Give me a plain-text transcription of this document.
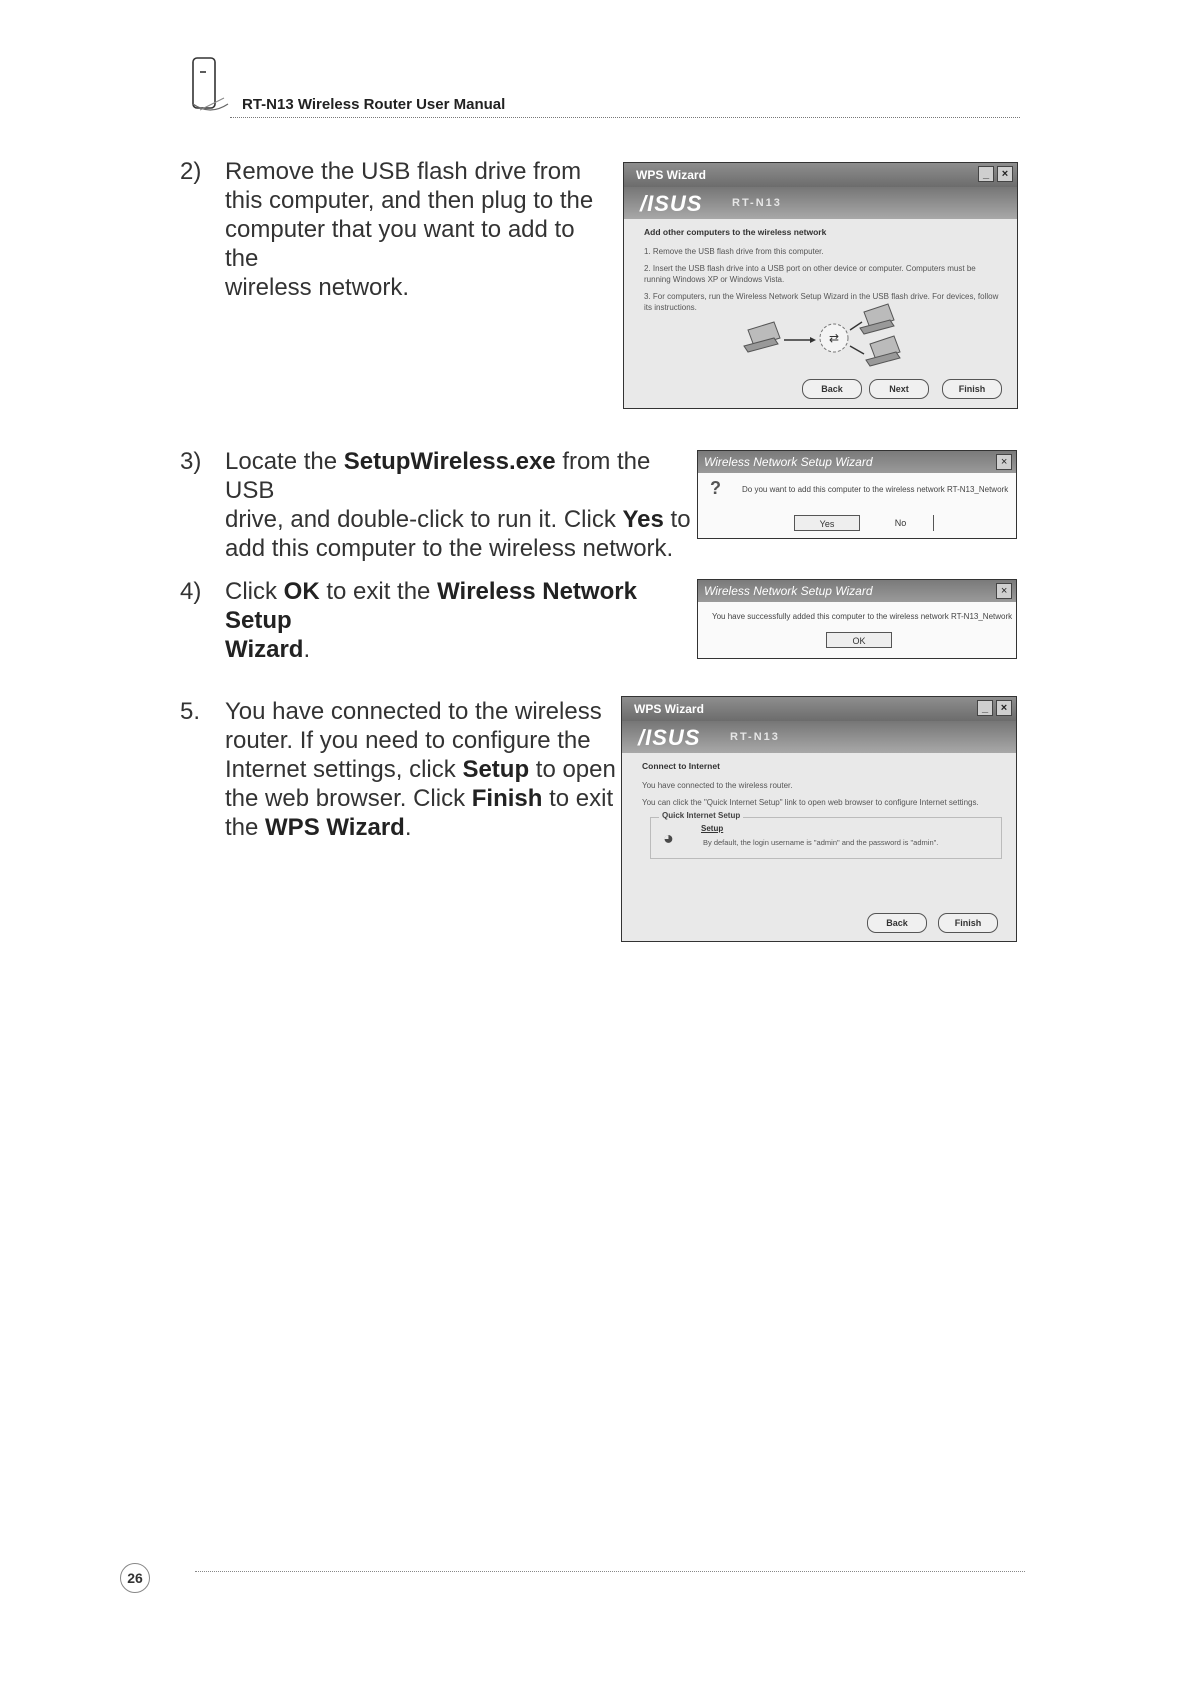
RT-N13 Wireless Router User Manual
2) Remove the USB flash drive from
this computer, and then plug to the
computer that you want to add to the
wireless network.
WPS Wizard	_	×
/ISUS	RT-N13
Add other computers to the wireless network
1. Remove the USB flash drive from this computer.
2. Insert the USB flash drive into a USB port on other device or computer. Computers must be running Windows XP or Windows Vista.
3. For computers, run the Wireless Network Setup Wizard in the USB flash drive. For devices, follow its instructions.
⇄
Back	Next	Finish
3) Locate the SetupWireless.exe from the USB
drive, and double-click to run it. Click Yes to
add this computer to the wireless network.
Wireless Network Setup Wizard	×
?	Do you want to add this computer to the wireless network RT-N13_Network
Yes	No
4) Click OK to exit the Wireless Network Setup
Wizard.
Wireless Network Setup Wizard	×
You have successfully added this computer to the wireless network RT-N13_Network
OK
5.	You have connected to the wireless
router. If you need to configure the
Internet settings, click Setup to open
the web browser. Click Finish to exit
the WPS Wizard.
WPS Wizard	_	×
/ISUS	RT-N13
Connect to Internet
You have connected to the wireless router.
You can click the "Quick Internet Setup" link to open web browser to configure Internet settings.
Quick Internet Setup
◕	Setup
By default, the login username is "admin" and the password is "admin".
Back	Finish
26
